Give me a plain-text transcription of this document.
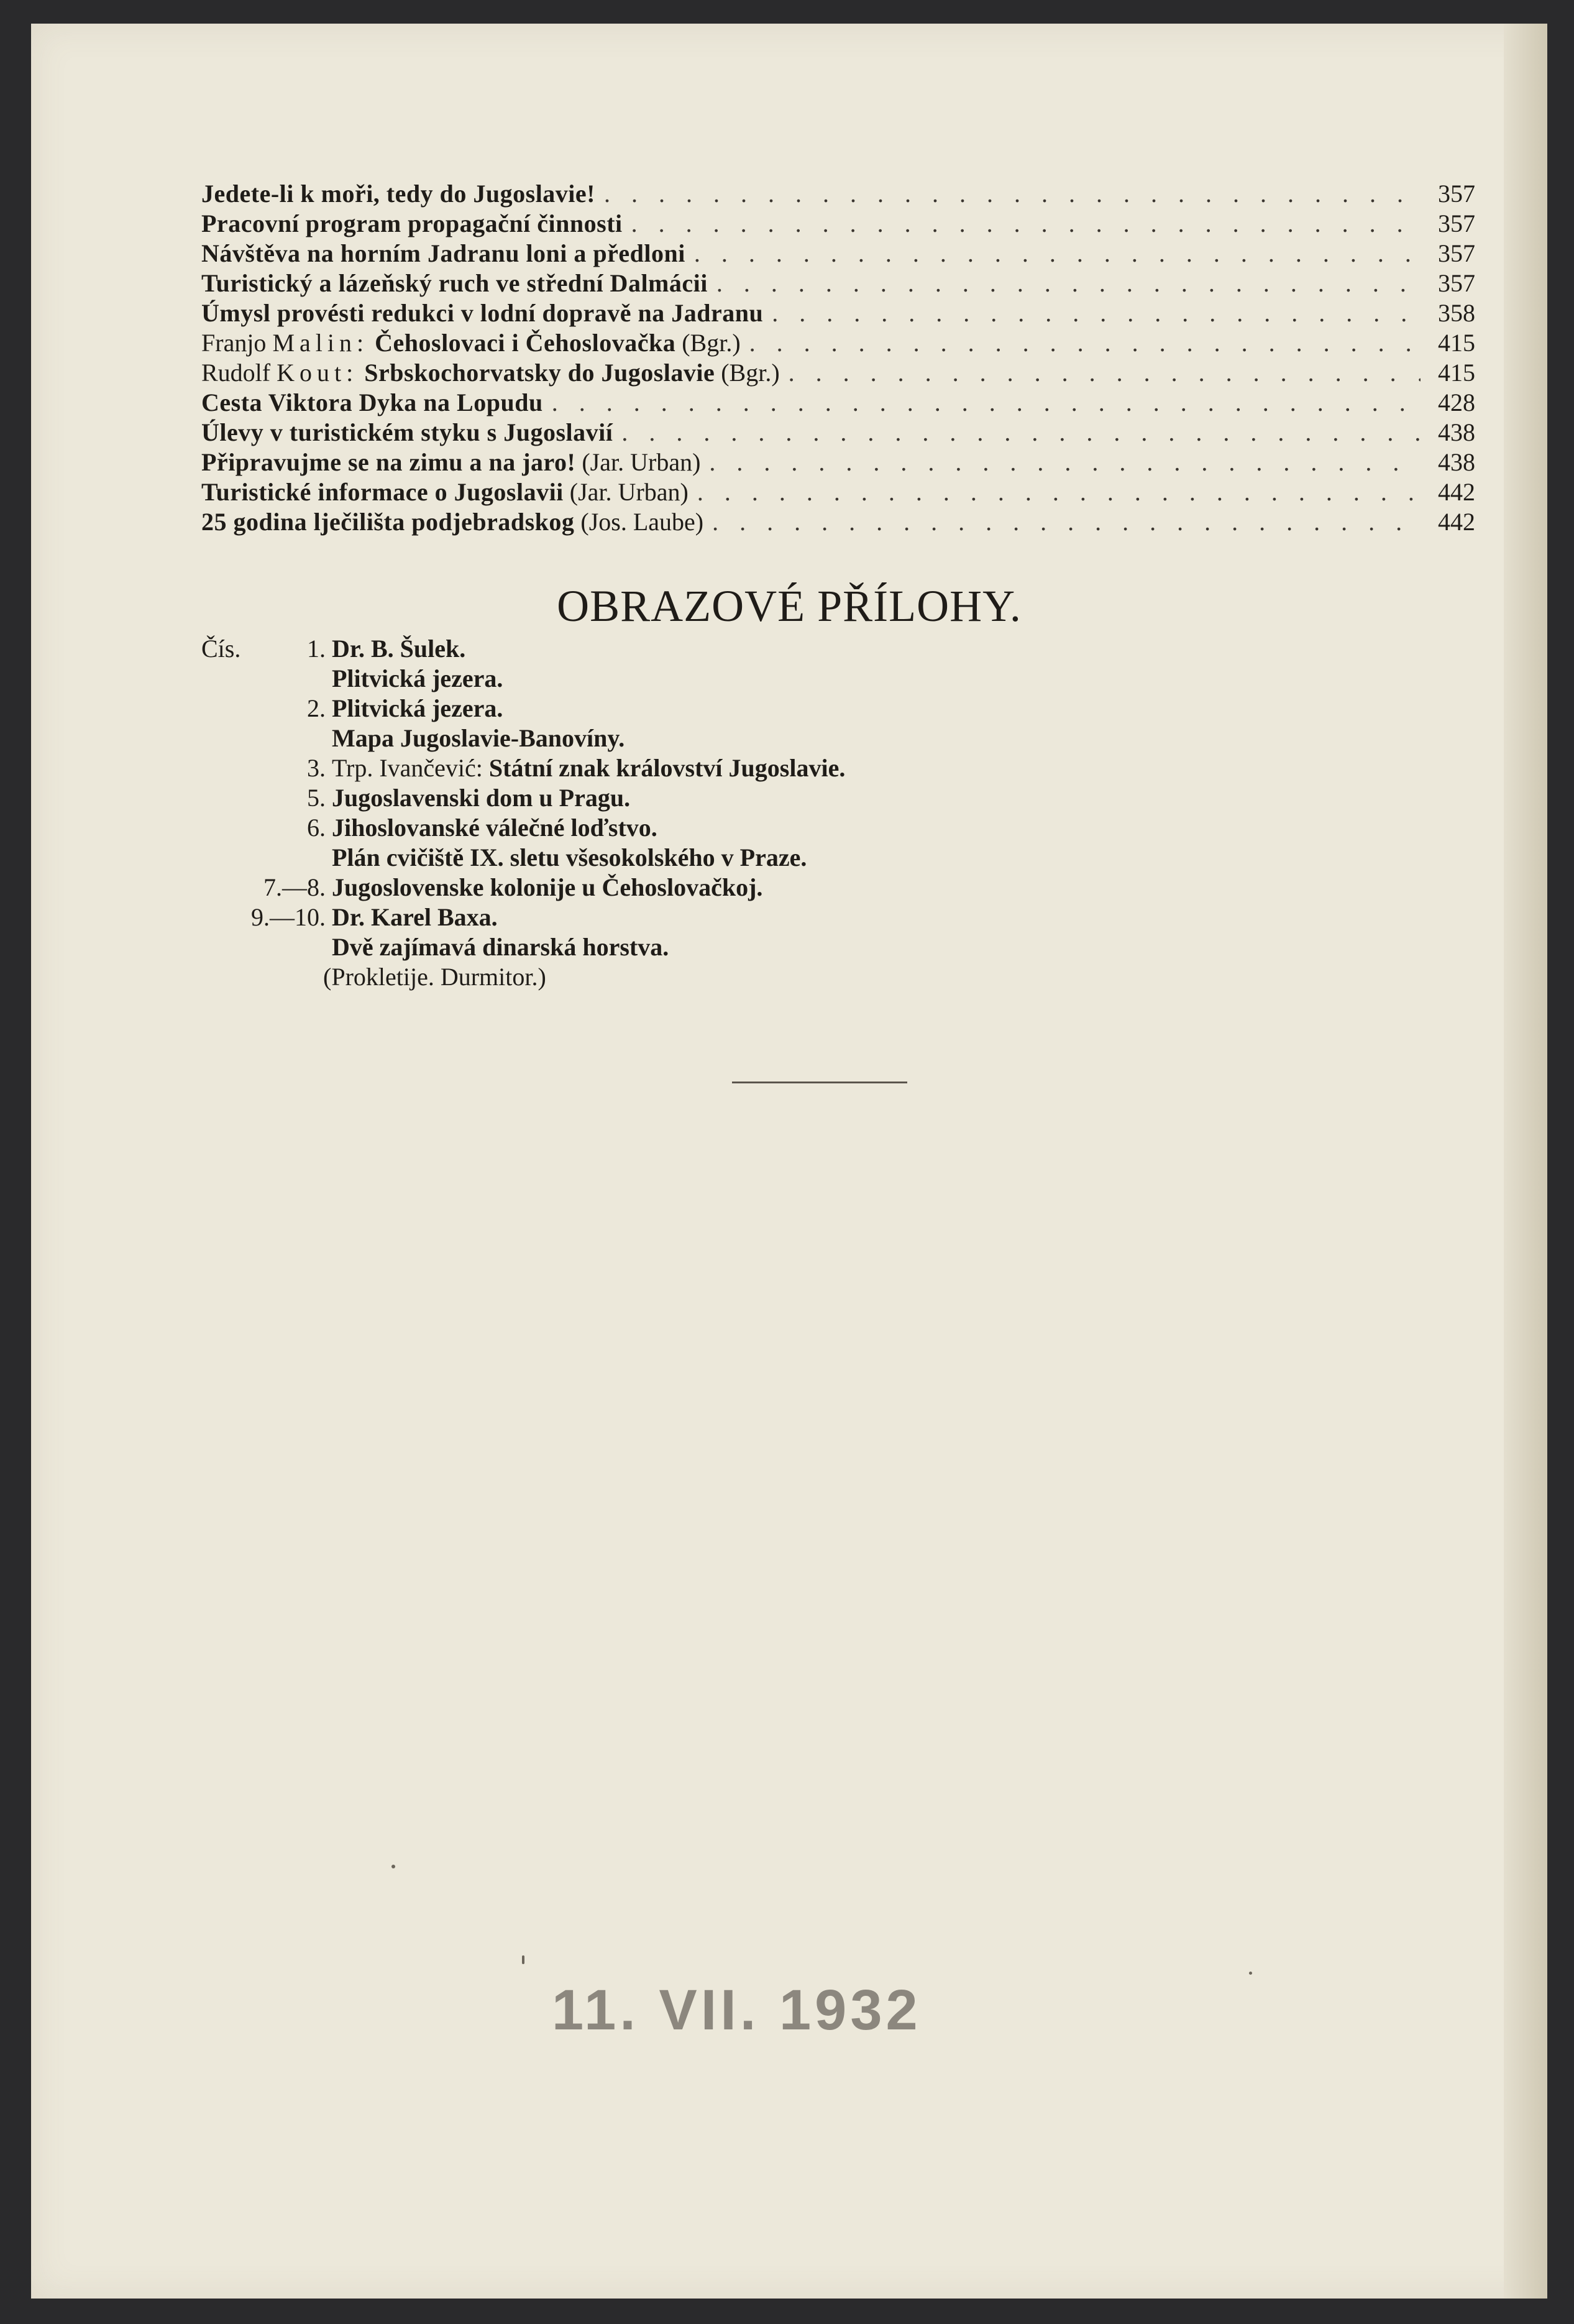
Jedete-li k moři, tedy do Jugoslavie! . . .	357
Pracovní program propagační činnosti . . .	357
Návštěva na horním Jadranu loni a předloni . . .	357
Turistický a lázeňský ruch ve střední Dalmácii . . .	357
Úmysl provésti redukci v lodní dopravě na Jadranu . . .	358
Franjo Malin: Čehoslovaci i Čehoslovačka (Bgr.) . . .	415
Rudolf Kout: Srbskochorvatsky do Jugoslavie (Bgr.) . . .	415
Cesta Viktora Dyka na Lopudu . . .	428
Úlevy v turistickém styku s Jugoslavií . . .	438
Připravujme se na zimu a na jaro! (Jar. Urban) . . .	438
Turistické informace o Jugoslavii (Jar. Urban) . . .	442
25 godina lječilišta podjebradskog (Jos. Laube) . . .	442
OBRAZOVÉ PŘÍLOHY.
Čís.	1. Dr. B. Šulek.
Plitvická jezera.
2. Plitvická jezera.
Mapa Jugoslavie-Banovíny.
3. Trp. Ivančević: Státní znak království Jugoslavie.
5. Jugoslavenski dom u Pragu.
6. Jihoslovanské válečné loďstvo.
Plán cvičiště IX. sletu všesokolského v Praze.
7.—8. Jugoslovenske kolonije u Čehoslovačkoj.
9.—10. Dr. Karel Baxa.
Dvě zajímavá dinarská horstva.
(Prokletije. Durmitor.)
11. VII. 1932
